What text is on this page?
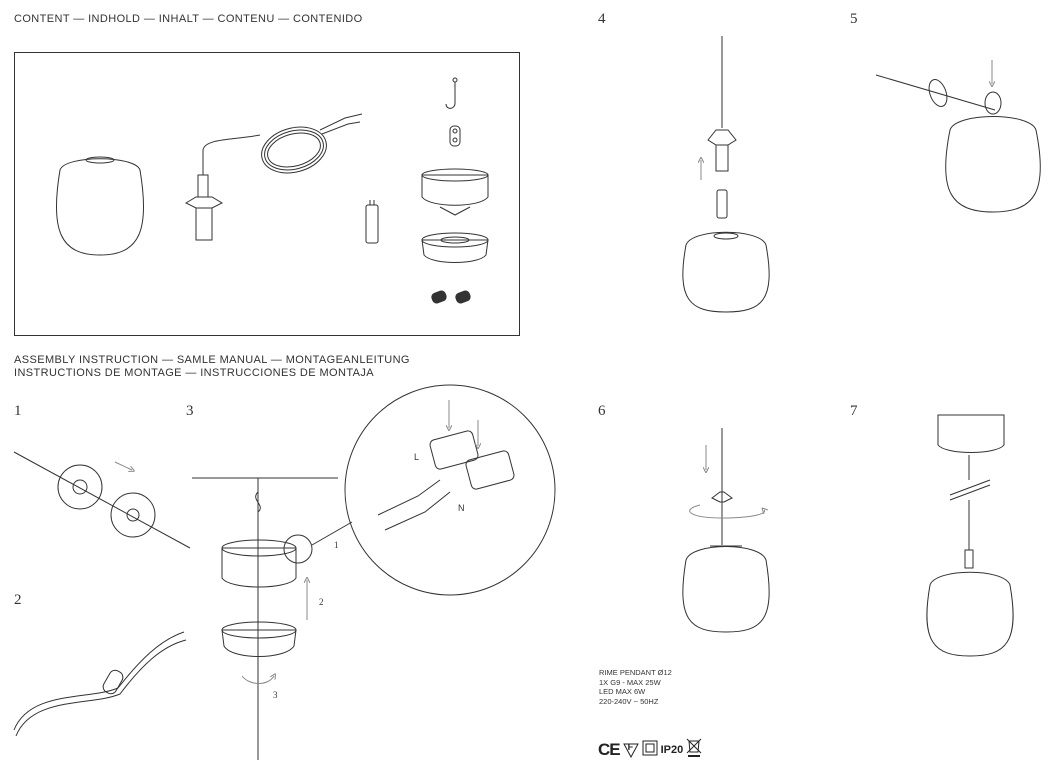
CONTENT — INDHOLD — INHALT — CONTENU — CONTENIDO
ASSEMBLY INSTRUCTION — SAMLE MANUAL — MONTAGEANLEITUNG
INSTRUCTIONS DE MONTAGE — INSTRUCCIONES DE MONTAJA
1
2
3
4	5
6	7
1
2
3
L
N
RIME PENDANT Ø12
1X G9 - MAX 25W
LED MAX 6W
220-240V ~ 50HZ
CE F	IP20
